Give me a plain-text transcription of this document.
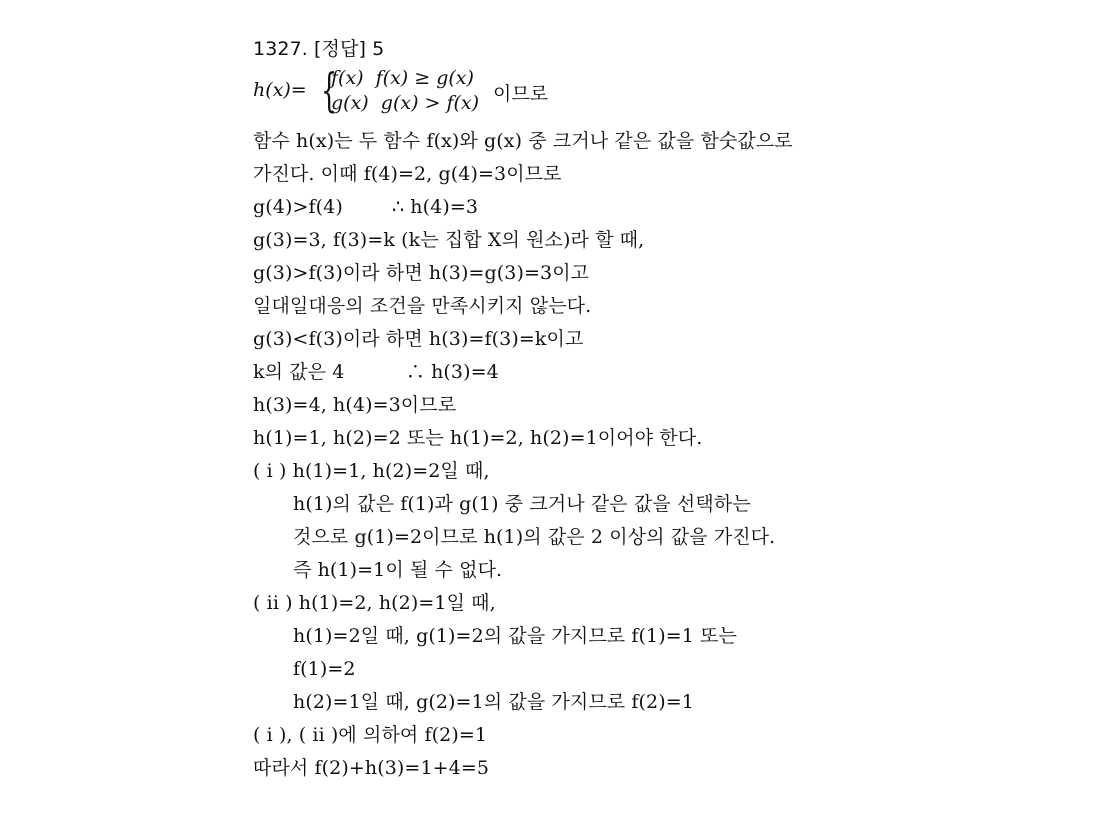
1327. [정답] 5
h(x)= {
f(x)  f(x) ≥ g(x)
g(x)  g(x) > f(x) 이므로
함수 h(x)는 두 함수 f(x)와 g(x) 중 크거나 같은 값을 함숫값으로
가진다. 이때 f(4)=2, g(4)=3이므로
g(4)>f(4)        ∴ h(4)=3
g(3)=3, f(3)=k (k는 집합 X의 원소)라 할 때,
g(3)>f(3)이라 하면 h(3)=g(3)=3이고
일대일대응의 조건을 만족시키지 않는다.
g(3)<f(3)이라 하면 h(3)=f(3)=k이고
k의 값은 4          ∴ h(3)=4
h(3)=4, h(4)=3이므로
h(1)=1, h(2)=2 또는 h(1)=2, h(2)=1이어야 한다.
( i ) h(1)=1, h(2)=2일 때,
h(1)의 값은 f(1)과 g(1) 중 크거나 같은 값을 선택하는
것으로 g(1)=2이므로 h(1)의 값은 2 이상의 값을 가진다.
즉 h(1)=1이 될 수 없다.
( ii ) h(1)=2, h(2)=1일 때,
h(1)=2일 때, g(1)=2의 값을 가지므로 f(1)=1 또는
f(1)=2
h(2)=1일 때, g(2)=1의 값을 가지므로 f(2)=1
( i ), ( ii )에 의하여 f(2)=1
따라서 f(2)+h(3)=1+4=5
